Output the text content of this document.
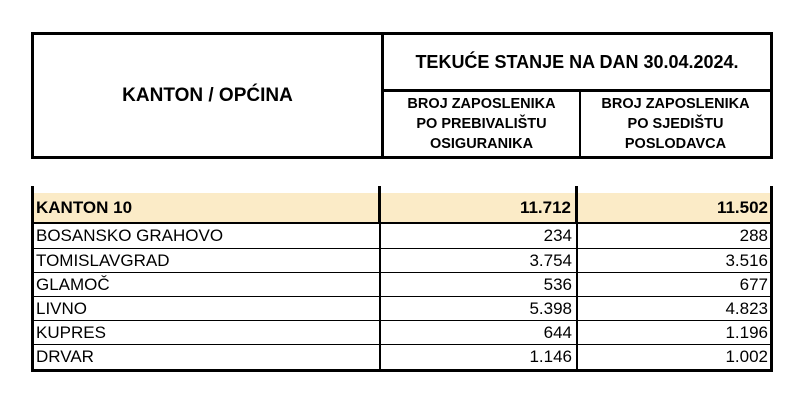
KANTON / OPĆINA
TEKUĆE STANJE NA DAN 30.04.2024.
BROJ ZAPOSLENIKA
PO PREBIVALIŠTU
OSIGURANIKA
BROJ ZAPOSLENIKA
PO SJEDIŠTU
POSLODAVCA
KANTON 10	11.712	11.502
BOSANSKO GRAHOVO	234	288
TOMISLAVGRAD	3.754	3.516
GLAMOČ	536	677
LIVNO	5.398	4.823
KUPRES	644	1.196
DRVAR	1.146	1.002
